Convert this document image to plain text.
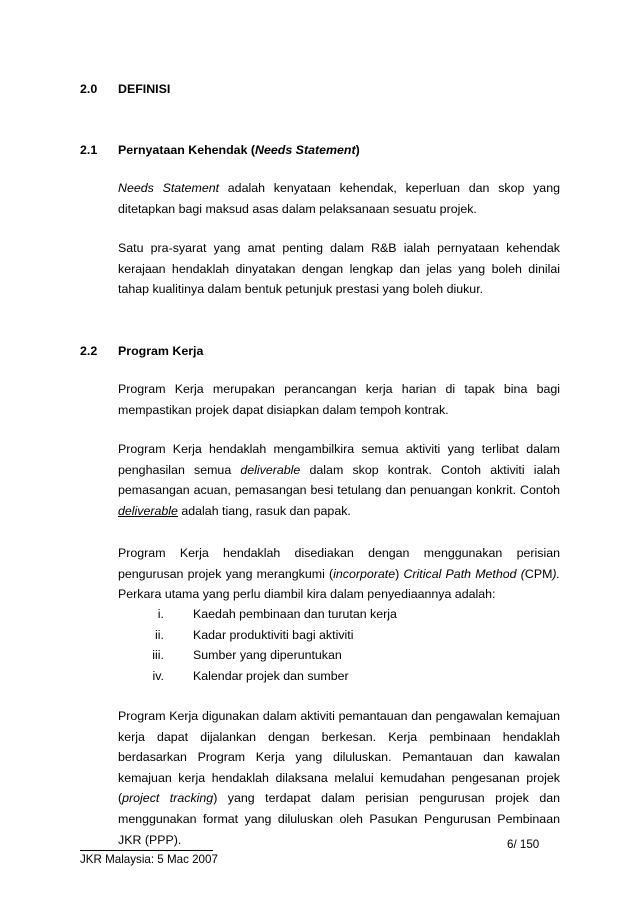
2.0	DEFINISI
2.1	Pernyataan Kehendak (Needs Statement)
Needs Statement adalah kenyataan kehendak, keperluan dan skop yang ditetapkan bagi maksud asas dalam pelaksanaan sesuatu projek.
Satu pra-syarat yang amat penting dalam R&B ialah pernyataan kehendak kerajaan hendaklah dinyatakan dengan lengkap dan jelas yang boleh dinilai tahap kualitinya dalam bentuk petunjuk prestasi yang boleh diukur.
2.2	Program Kerja
Program Kerja merupakan perancangan kerja harian di tapak bina bagi mempastikan projek dapat disiapkan dalam tempoh kontrak.
Program Kerja hendaklah mengambilkira semua aktiviti yang terlibat dalam penghasilan semua deliverable dalam skop kontrak. Contoh aktiviti ialah pemasangan acuan, pemasangan besi tetulang dan penuangan konkrit. Contoh deliverable adalah tiang, rasuk dan papak.
Program Kerja hendaklah disediakan dengan menggunakan perisian pengurusan projek yang merangkumi (incorporate) Critical Path Method (CPM). Perkara utama yang perlu diambil kira dalam penyediaannya adalah:
i. Kaedah pembinaan dan turutan kerja
ii. Kadar produktiviti bagi aktiviti
iii. Sumber yang diperuntukan
iv. Kalendar projek dan sumber
Program Kerja digunakan dalam aktiviti pemantauan dan pengawalan kemajuan kerja dapat dijalankan dengan berkesan. Kerja pembinaan hendaklah berdasarkan Program Kerja yang diluluskan. Pemantauan dan kawalan kemajuan kerja hendaklah dilaksana melalui kemudahan pengesanan projek (project tracking) yang terdapat dalam perisian pengurusan projek dan menggunakan format yang diluluskan oleh Pasukan Pengurusan Pembinaan JKR (PPP).	6/ 150
JKR Malaysia: 5 Mac 2007
